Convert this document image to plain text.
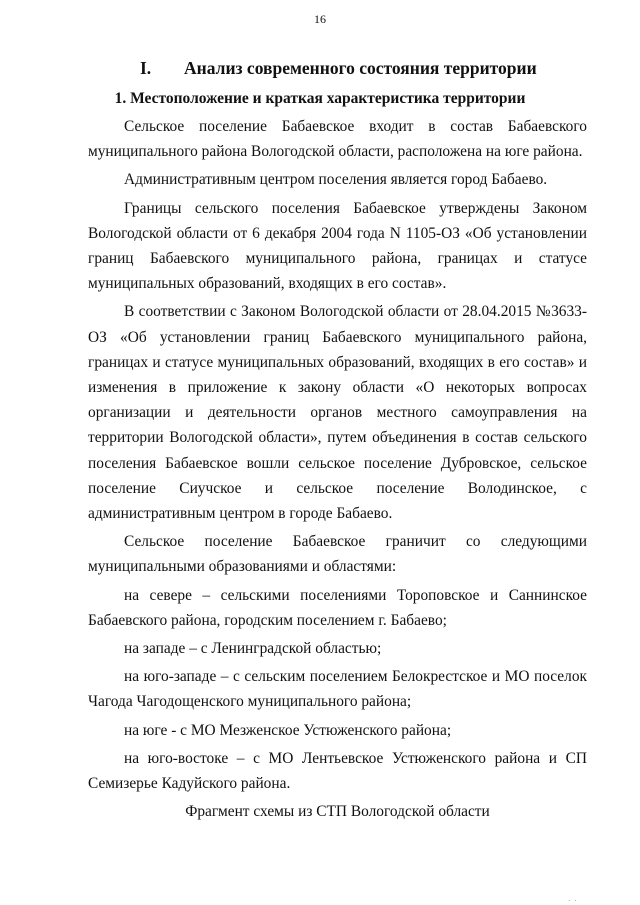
16
I. Анализ современного состояния территории
1. Местоположение и краткая характеристика территории

Сельское поселение Бабаевское входит в состав Бабаевского муниципального района Вологодской области, расположена на юге района.

Административным центром поселения является город Бабаево.

Границы сельского поселения Бабаевское утверждены Законом Вологодской области от 6 декабря 2004 года N 1105-ОЗ «Об установлении границ Бабаевского муниципального района, границах и статусе муниципальных образований, входящих в его состав».

В соответствии с Законом Вологодской области от 28.04.2015 №3633-ОЗ «Об установлении границ Бабаевского муниципального района, границах и статусе муниципальных образований, входящих в его состав» и изменения в приложение к закону области «О некоторых вопросах организации и деятельности органов местного самоуправления на территории Вологодской области», путем объединения в состав сельского поселения Бабаевское вошли сельское поселение Дубровское, сельское поселение Сиучское и сельское поселение Володинское, с административным центром в городе Бабаево.

Сельское поселение Бабаевское граничит со следующими муниципальными образованиями и областями:

на севере – сельскими поселениями Тороповское и Саннинское Бабаевского района, городским поселением г. Бабаево;

на западе – с Ленинградской областью;

на юго-западе – с сельским поселением Белокрестское и МО поселок Чагода Чагодощенского муниципального района;

на юге - с МО Мезженское Устюженского района;

на юго-востоке – с МО Лентьевское Устюженского района и СП Семизерье Кадуйского района.

Фрагмент схемы из СТП Вологодской области

· ·
